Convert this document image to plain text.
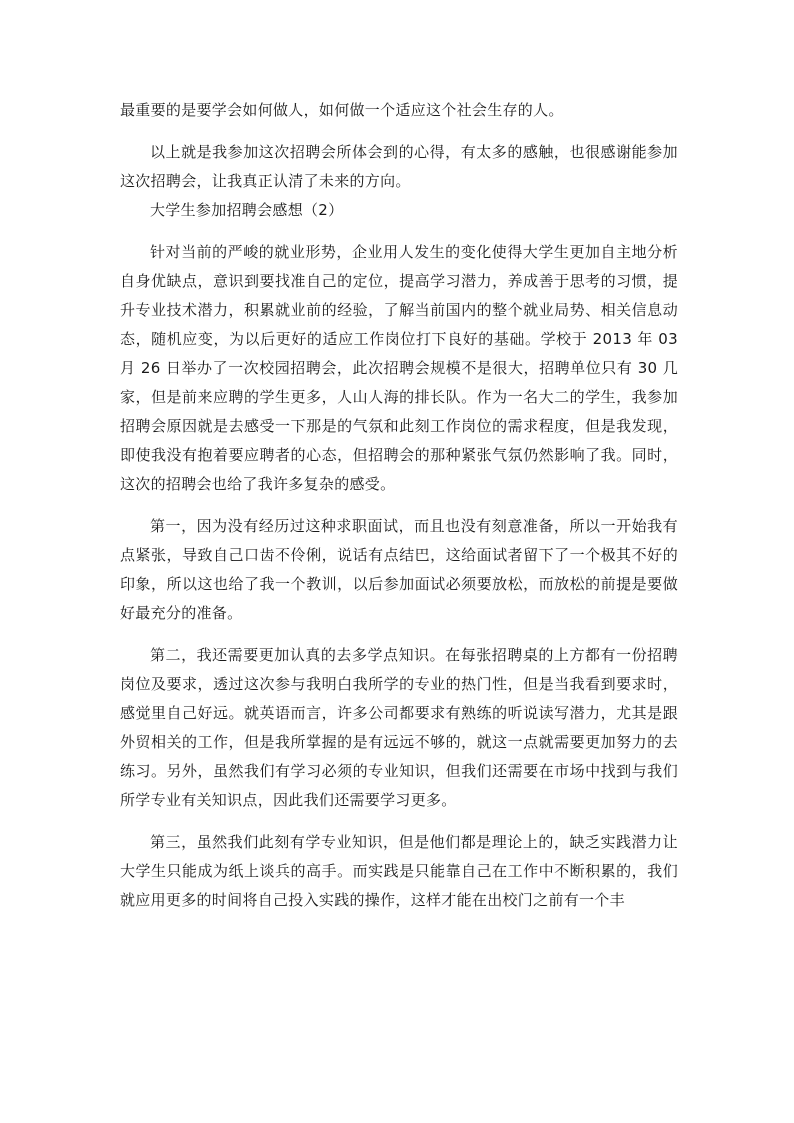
最重要的是要学会如何做人，如何做一个适应这个社会生存的人。

以上就是我参加这次招聘会所体会到的心得，有太多的感触，也很感谢能参加这次招聘会，让我真正认清了未来的方向。

大学生参加招聘会感想（2）

针对当前的严峻的就业形势，企业用人发生的变化使得大学生更加自主地分析自身优缺点，意识到要找准自己的定位，提高学习潜力，养成善于思考的习惯，提升专业技术潜力，积累就业前的经验，了解当前国内的整个就业局势、相关信息动态，随机应变，为以后更好的适应工作岗位打下良好的基础。学校于 2013 年 03 月 26 日举办了一次校园招聘会，此次招聘会规模不是很大，招聘单位只有 30 几家，但是前来应聘的学生更多，人山人海的排长队。作为一名大二的学生，我参加招聘会原因就是去感受一下那是的气氛和此刻工作岗位的需求程度，但是我发现，即使我没有抱着要应聘者的心态，但招聘会的那种紧张气氛仍然影响了我。同时，这次的招聘会也给了我许多复杂的感受。

第一，因为没有经历过这种求职面试，而且也没有刻意准备，所以一开始我有点紧张，导致自己口齿不伶俐，说话有点结巴，这给面试者留下了一个极其不好的印象，所以这也给了我一个教训，以后参加面试必须要放松，而放松的前提是要做好最充分的准备。

第二，我还需要更加认真的去多学点知识。在每张招聘桌的上方都有一份招聘岗位及要求，透过这次参与我明白我所学的专业的热门性，但是当我看到要求时，感觉里自己好远。就英语而言，许多公司都要求有熟练的听说读写潜力，尤其是跟外贸相关的工作，但是我所掌握的是有远远不够的，就这一点就需要更加努力的去练习。另外，虽然我们有学习必须的专业知识，但我们还需要在市场中找到与我们所学专业有关知识点，因此我们还需要学习更多。

第三，虽然我们此刻有学专业知识，但是他们都是理论上的，缺乏实践潜力让大学生只能成为纸上谈兵的高手。而实践是只能靠自己在工作中不断积累的，我们就应用更多的时间将自己投入实践的操作，这样才能在出校门之前有一个丰
